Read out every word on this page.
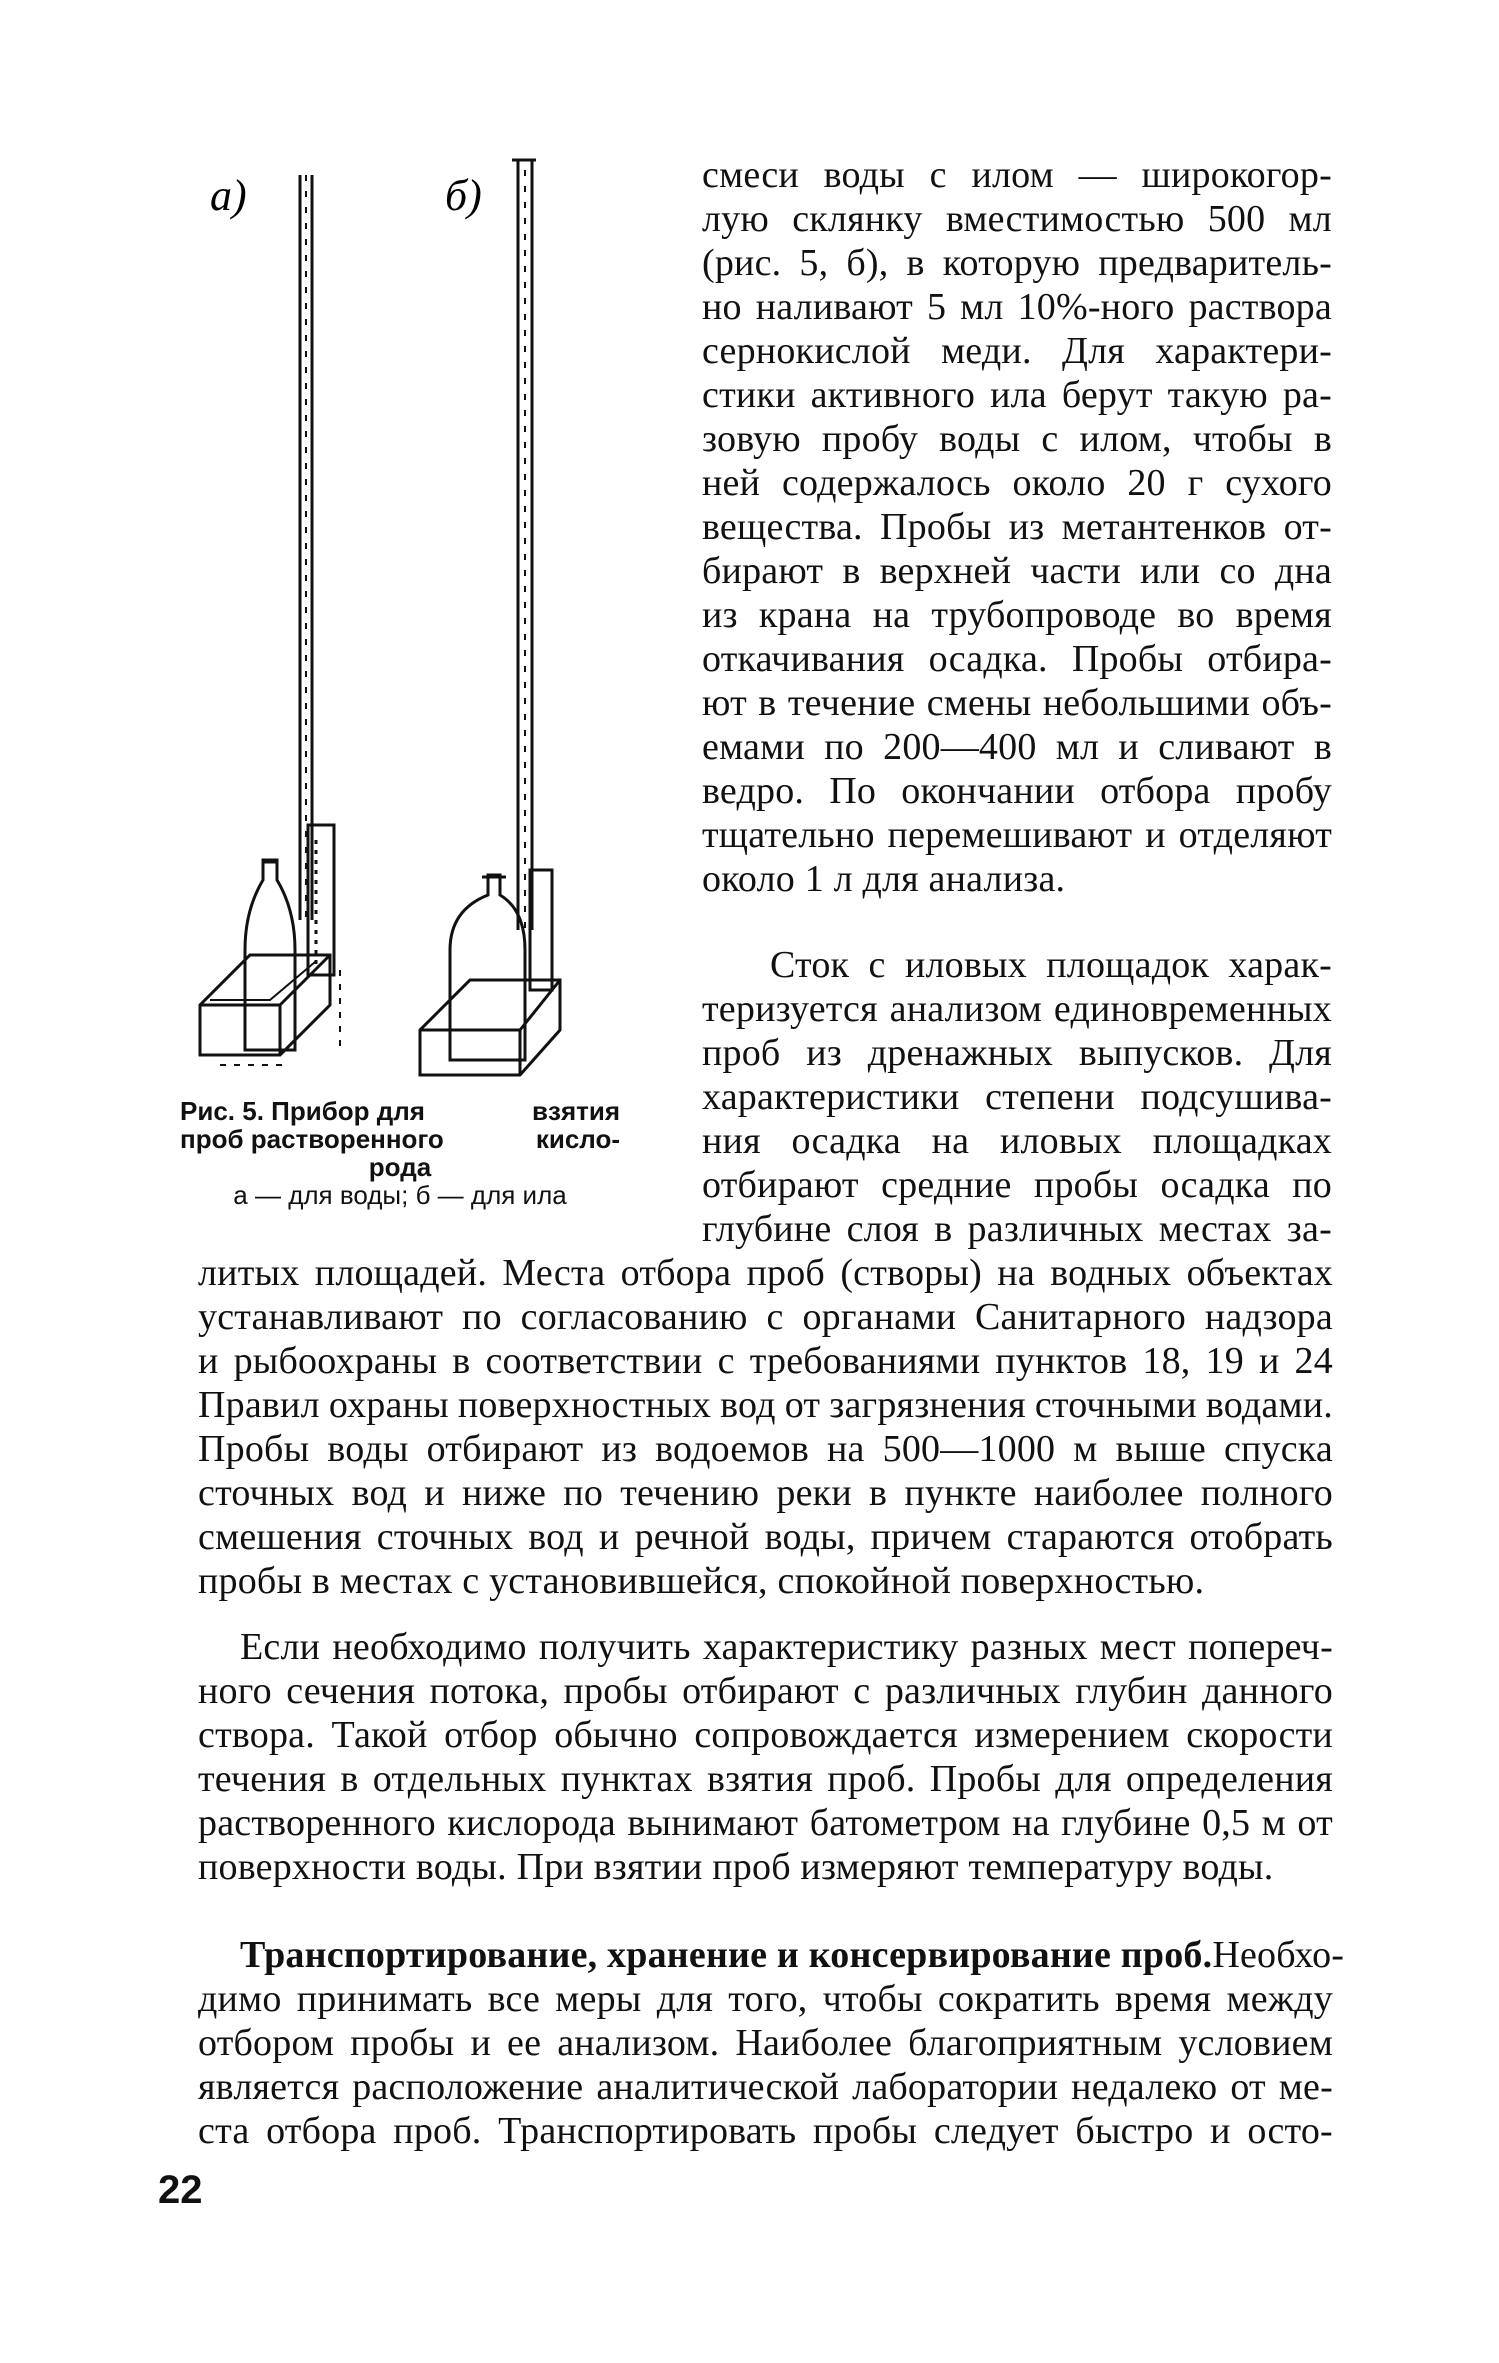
а)	б)
Рис. 5. Прибор для	взятия
проб растворенного	кисло-
рода
а — для воды; б — для ила
смеси воды с илом — широкогор-
лую склянку вместимостью 500 мл
(рис. 5, б), в которую предваритель-
но наливают 5 мл 10%-ного раствора
сернокислой меди. Для характери-
стики активного ила берут такую ра-
зовую пробу воды с илом, чтобы в
ней содержалось около 20 г сухого
вещества. Пробы из метантенков от-
бирают в верхней части или со дна
из крана на трубопроводе во время
откачивания осадка. Пробы отбира-
ют в течение смены небольшими объ-
емами по 200—400 мл и сливают в
ведро. По окончании отбора пробу
тщательно перемешивают и отделяют
около 1 л для анализа.
Сток с иловых площадок харак-
теризуется анализом единовременных
проб из дренажных выпусков. Для
характеристики степени подсушива-
ния осадка на иловых площадках
отбирают средние пробы осадка по
глубине слоя в различных местах за-
литых площадей. Места отбора проб (створы) на водных объектах
устанавливают по согласованию с органами Санитарного надзора
и рыбоохраны в соответствии с требованиями пунктов 18, 19 и 24
Правил охраны поверхностных вод от загрязнения сточными водами.
Пробы воды отбирают из водоемов на 500—1000 м выше спуска
сточных вод и ниже по течению реки в пункте наиболее полного
смешения сточных вод и речной воды, причем стараются отобрать
пробы в местах с установившейся, спокойной поверхностью.
Если необходимо получить характеристику разных мест попереч-
ного сечения потока, пробы отбирают с различных глубин данного
створа. Такой отбор обычно сопровождается измерением скорости
течения в отдельных пунктах взятия проб. Пробы для определения
растворенного кислорода вынимают батометром на глубине 0,5 м от
поверхности воды. При взятии проб измеряют температуру воды.
Транспортирование, хранение и консервирование проб. Необхо-
димо принимать все меры для того, чтобы сократить время между
отбором пробы и ее анализом. Наиболее благоприятным условием
является расположение аналитической лаборатории недалеко от ме-
ста отбора проб. Транспортировать пробы следует быстро и осто-
22
